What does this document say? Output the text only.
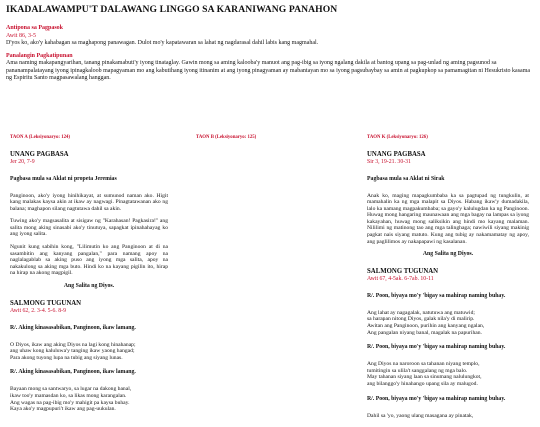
IKADALAWAMPU'T DALAWANG LINGGO SA KARANIWANG PANAHON

Antipona sa Pagpasok

Awit 86, 3-5

D'yos ko, ako'y kahabagan sa maghapong panawagan. Dulot mo'y kapatawaran sa lahat ng nagdarasal dahil labis kang magmahal.

Panalangin Pagkatipunan

Ama naming makapangyarihan, tanang pinakamabuti'y iyong tinataglay. Gawin mong sa aming kalooba'y manuot ang pag-ibig sa iyong ngalang dakila at bantog upang sa pag-unlad ng aming pagsunod sa pananampalatayang iyong ipinagkaloob mapagyaman mo ang kabutihang iyong itinanim at ang iyong pinagyaman ay mabantayan mo sa iyong pagsubaybay sa amin at pagkupkop sa pamamagitan ni Hesukristo kasama ng Espiritu Santo magpasawalang hanggan.

TAON A (Leksiyonaryo: 124)

UNANG PAGBASA

Jer 20, 7-9

Pagbasa mula sa Aklat ni propeta Jeremias

Panginoon, ako'y iyong hinihikayat, at sumunod naman ako. Higit kang malakas kaysa akin at ikaw ay nagwagi. Pinagtatawanan ako ng balana; maghapon silang nagtutawa dahil sa akin.

Tuwing ako'y magsasalita at sisigaw ng "Karahasan! Pagkasira!" ang salita mong aking sinasabi ako'y tinutuya, sapagkat ipinahahayag ko ang iyong salita.

Ngunit kung sabihin kong, "Lilimutin ko ang Panginoon at di na sasambitin ang kanyang pangalan," para namang apoy na naglalagablab sa aking puso ang iyong mga salita, apoy na nakakulong sa aking mga buto. Hindi ko na kayang pigilin ito, hirap na hirap na akong magpigil.

Ang Salita ng Diyos.

SALMONG TUGUNAN

Awit 62, 2. 3-4. 5-6. 8-9

R/. Aking kinasasabikan, Panginoon, ikaw lamang.

O Diyos, ikaw ang aking Diyos na lagi kong hinahanap;
ang uhaw kong kaluluwa'y tanging ikaw yaong hangad;
Para akong tuyong lupa na tubig ang siyang lunas.

R/. Aking kinasasabikan, Panginoon, ikaw lamang.

Bayaan mong sa santwaryo, sa lugar na dakong banal,
ikaw too'y mamasdan ko, sa likas mong karangalan.
Ang wagas na pag-ibig mo'y mahigit pa kaysa buhay.
Kaya ako'y magpupuri't ikaw ang pag-uukulan.

TAON B (Leksiyonaryo: 125)	TAON K (Leksiyonaryo: 126)

UNANG PAGBASA

Sir 3, 19-21. 30-31

Pagbasa mula sa Aklat ni Sirak

Anak ko, maging mapagkumbaba ka sa pagtupad ng tungkulin, at mamahalin ka ng mga malapit sa Diyos. Habang ikaw'y dumadakila, lalo ka namang magpakumbaba; sa gayo'y kalulugdan ka ng Panginoon. Huwag mong hangaring maunawaan ang mga bagay na lampas sa iyong kakayahan, huwag mong saliksikin ang hindi mo kayang malaman. Nililimi ng matinong tao ang mga talinghaga; nawiwili siyang makinig pagkat nais siyang matuto. Kung ang tubig ay nakamamatay ng apoy, ang paglilimos ay nakapapawi ng kasalanan.

Ang Salita ng Diyos.

SALMONG TUGUNAN

Awit 67, 4-5ak. 6-7ab. 10-11

R/. Poon, biyaya mo'y 'bigay sa mahirap naming buhay.

Ang lahat ay nagagalak, natutuwa ang matuwid;
sa harapan nitong Diyos, galak nila'y di malirip.
Awitan ang Panginoon, purihin ang kanyang ngalan,
Ang pangalan niyang banal, magalak na papurihan.

R/. Poon, biyaya mo'y 'bigay sa mahirap naming buhay.

Ang Diyos na naroroon sa tahanan niyang templo,
tumitingin sa ulila't sanggalang ng mga balo.
May tahanan siyang laan sa sinumang nalulungkot,
ang bilanggo'y hinahango upang sila ay malugod.

R/. Poon, biyaya mo'y 'bigay sa mahirap naming buhay.

Dahil sa 'yo, yaong ulang masagana ay pinatak,
